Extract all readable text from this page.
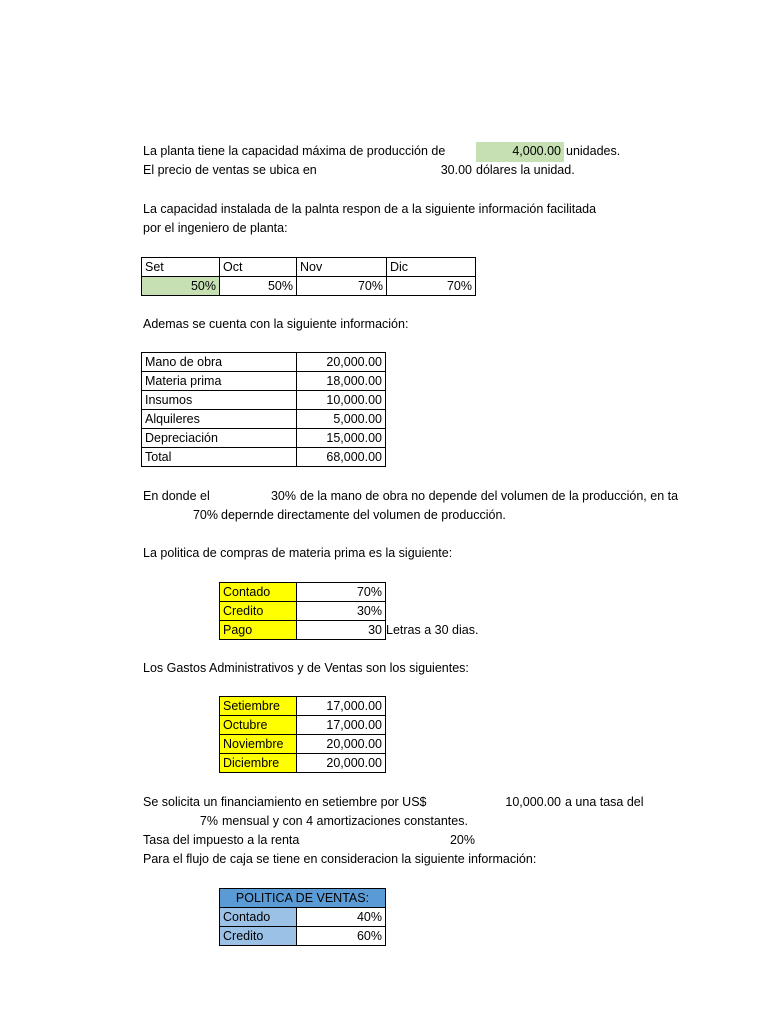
La planta tiene la capacidad máxima de producción de	4,000.00 unidades.
El precio de ventas se ubica en	30.00 dólares la unidad.
La capacidad instalada de la palnta respon de a la siguiente información facilitada
por el ingeniero de planta:
Set	Oct	Nov	Dic
50%	50%	70%	70%
Ademas se cuenta con la siguiente información:
Mano de obra	20,000.00
Materia prima	18,000.00
Insumos	10,000.00
Alquileres	5,000.00
Depreciación	15,000.00
Total	68,000.00
En donde el	30% de la mano de obra no depende del volumen de la producción, en ta
70% depernde directamente del volumen de producción.
La politica de compras de materia prima es la siguiente:
Contado	70%
Credito	30%
Pago	30 Letras a 30 dias.
Los Gastos Administrativos y de Ventas son los siguientes:
Setiembre	17,000.00
Octubre	17,000.00
Noviembre	20,000.00
Diciembre	20,000.00
Se solicita un financiamiento en setiembre por US$	10,000.00 a una tasa del
7% mensual y con 4 amortizaciones constantes.
Tasa del impuesto a la renta	20%
Para el flujo de caja se tiene en consideracion la siguiente información:
POLITICA DE VENTAS:
Contado	40%
Credito	60%
